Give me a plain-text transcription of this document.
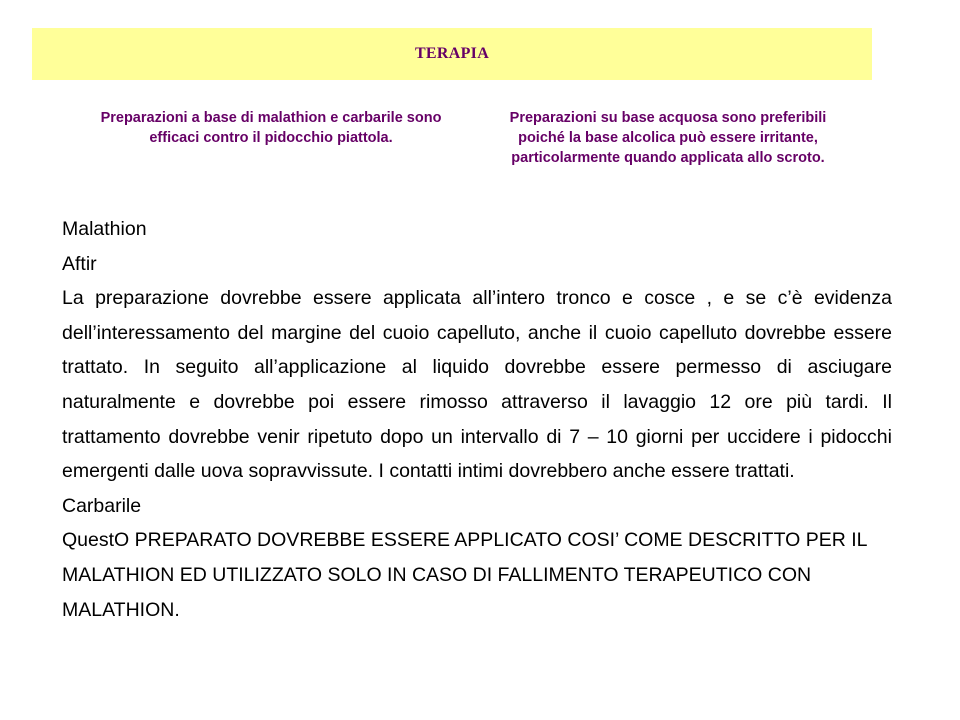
TERAPIA
Preparazioni a base di malathion e carbarile sono efficaci contro il pidocchio piattola.
Preparazioni su base acquosa sono preferibili poiché la base alcolica può essere irritante, particolarmente quando applicata allo scroto.

Malathion

Aftir

La preparazione dovrebbe essere applicata all’intero tronco e cosce , e se c’è evidenza dell’interessamento del margine del cuoio capelluto, anche il cuoio capelluto dovrebbe essere trattato. In seguito all’applicazione al liquido dovrebbe essere permesso di asciugare naturalmente e dovrebbe poi essere rimosso attraverso il lavaggio 12 ore più tardi. Il trattamento dovrebbe venir ripetuto dopo un intervallo di 7 – 10 giorni per uccidere i pidocchi emergenti dalle uova sopravvissute. I contatti intimi dovrebbero anche essere trattati.

Carbarile

QuestO PREPARATO DOVREBBE ESSERE APPLICATO COSI’ COME DESCRITTO PER IL MALATHION ED UTILIZZATO SOLO IN CASO DI FALLIMENTO TERAPEUTICO CON MALATHION.
